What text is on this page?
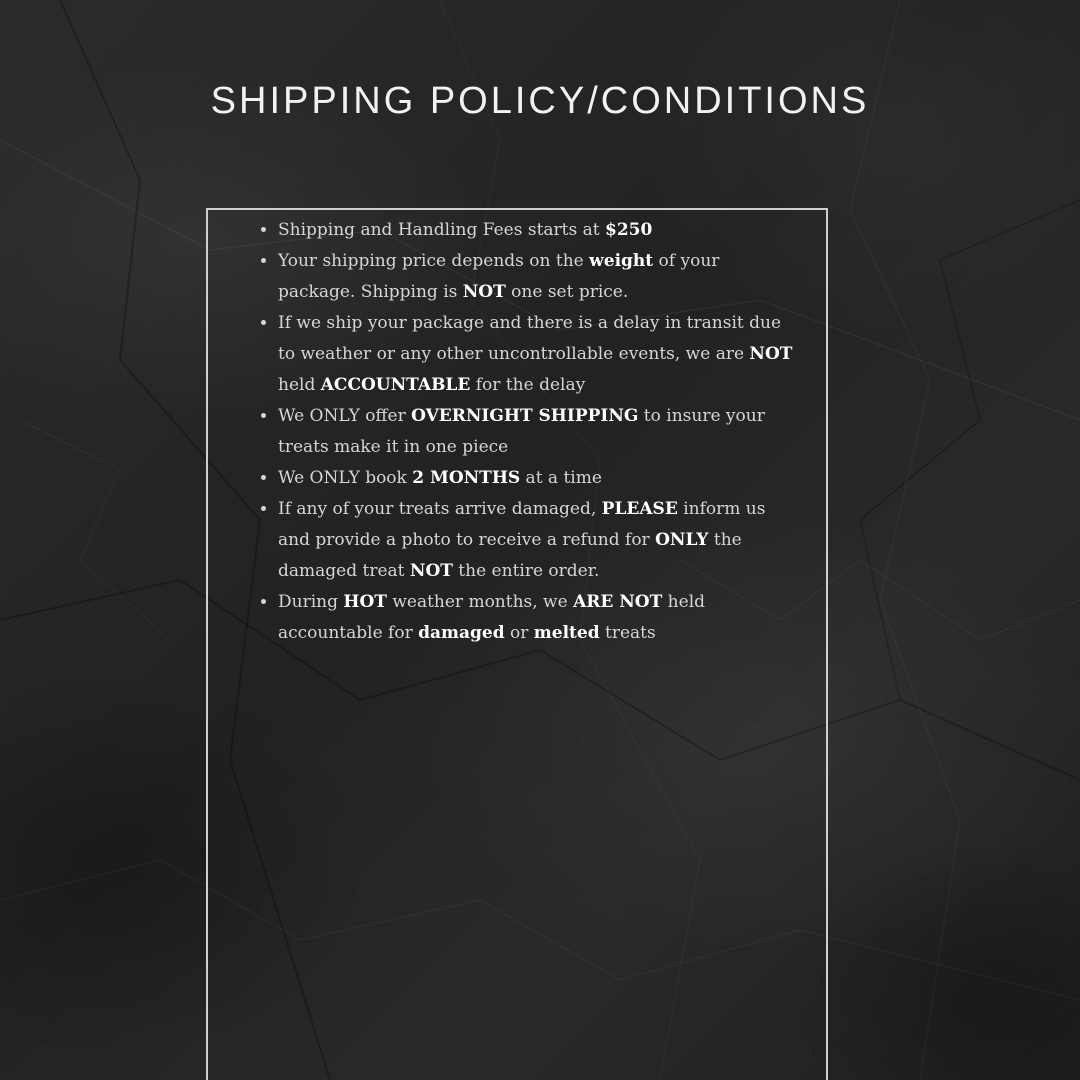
SHIPPING POLICY/CONDITIONS
• Shipping and Handling Fees starts at $250
• Your shipping price depends on the weight of your package. Shipping is NOT one set price.
• If we ship your package and there is a delay in transit due to weather or any other uncontrollable events, we are NOT held ACCOUNTABLE for the delay
• We ONLY offer OVERNIGHT SHIPPING to insure your treats make it in one piece
• We ONLY book 2 MONTHS at a time
• If any of your treats arrive damaged, PLEASE inform us and provide a photo to receive a refund for ONLY the damaged treat NOT the entire order.
• During HOT weather months, we ARE NOT held accountable for damaged or melted treats
